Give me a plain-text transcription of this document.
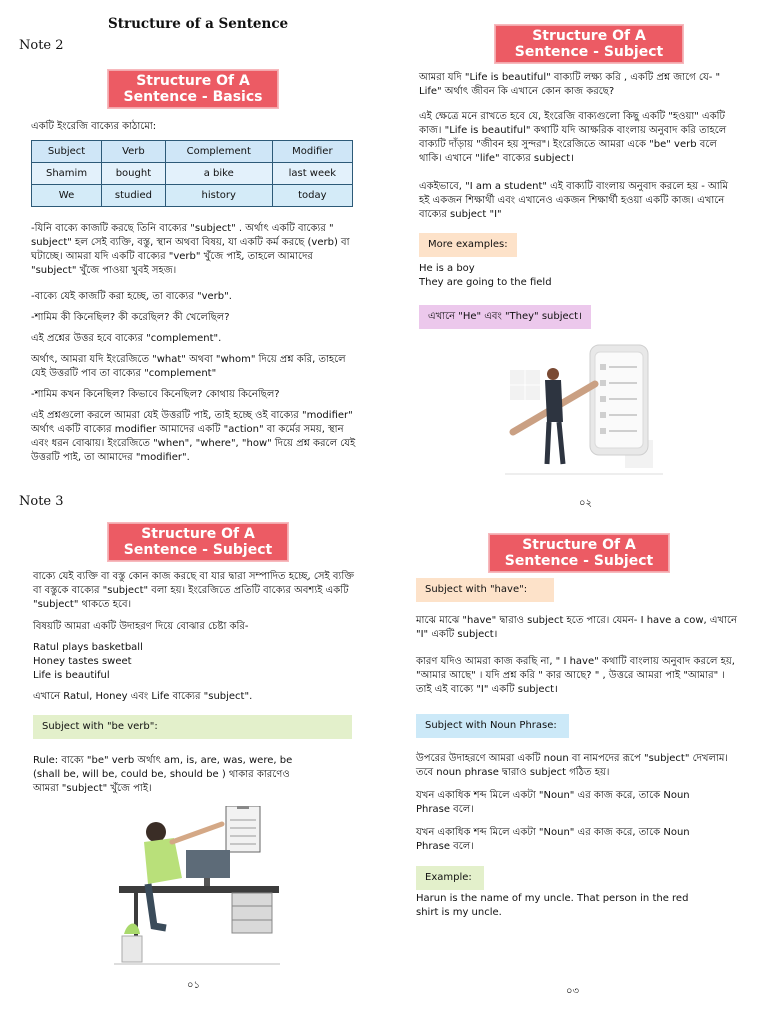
Structure of a Sentence
Note 2
Note 3
Structure Of A
Sentence - Basics
একটি ইংরেজি বাক্যের কাঠামো:
Subject	Verb	Complement	Modifier
Shamim	bought	a bike	last week
We	studied	history	today
-যিনি বাক্যে কাজটি করছে তিনি বাক্যের "subject" . অর্থাৎ একটি বাক্যের " subject" হল সেই ব্যক্তি, বস্তু, স্থান অথবা বিষয়, যা একটি কর্ম করছে (verb) বা ঘটাচ্ছে। আমরা যদি একটি বাক্যের "verb" খুঁজে পাই, তাহলে আমাদের "subject" খুঁজে পাওয়া খুবই সহজ।
-বাক্যে যেই কাজটি করা হচ্ছে, তা বাক্যের "verb".
-শামিম কী কিনেছিল? কী করেছিল? কী খেলেছিল?
এই প্রশ্নের উত্তর হবে বাক্যের "complement".
অর্থাৎ, আমরা যদি ইংরেজিতে "what" অথবা "whom" দিয়ে প্রশ্ন করি, তাহলে যেই উত্তরটি পাব তা বাক্যের "complement"
-শামিম কখন কিনেছিল? কিভাবে কিনেছিল? কোথায় কিনেছিল?
এই প্রশ্নগুলো করলে আমরা যেই উত্তরটি পাই, তাই হচ্ছে ওই বাক্যের "modifier" অর্থাৎ একটি বাক্যের modifier আমাদের একটি "action" বা কর্মের সময়, স্থান এবং ধরন বোঝায়। ইংরেজিতে "when", "where", "how" দিয়ে প্রশ্ন করলে যেই উত্তরটি পাই, তা আমাদের "modifier".
Structure Of A
Sentence - Subject
আমরা যদি "Life is beautiful" বাক্যটি লক্ষ্য করি , একটি প্রশ্ন জাগে যে- " Life" অর্থাৎ জীবন কি এখানে কোন কাজ করছে?
এই ক্ষেত্রে মনে রাখতে হবে যে, ইংরেজি বাক্যগুলো কিছু একটি "হওয়া" একটি কাজ। "Life is beautiful" কথাটি যদি আক্ষরিক বাংলায় অনুবাদ করি তাহলে বাক্যটি দাঁড়ায় "জীবন হয় সুন্দর"। ইংরেজিতে আমরা একে "be" verb বলে থাকি। এখানে "life" বাক্যের subject।
একইভাবে, "I am a student" এই বাক্যটি বাংলায় অনুবাদ করলে হয় - আমি হই একজন শিক্ষার্থী এবং এখানেও একজন শিক্ষার্থী হওয়া একটি কাজ। এখানে বাক্যের subject "I"
More examples:
He is a boy
They are going to the field
এখানে "He" এবং "They" subject।
০২
Structure Of A
Sentence - Subject
বাক্যে যেই ব্যক্তি বা বস্তু কোন কাজ করছে বা যার দ্বারা সম্পাদিত হচ্ছে, সেই ব্যক্তি বা বস্তুকে বাক্যের "subject" বলা হয়। ইংরেজিতে প্রতিটি বাক্যের অবশ্যই একটি "subject" থাকতে হবে।
বিষয়টি আমরা একটি উদাহরণ দিয়ে বোঝার চেষ্টা করি-
Ratul plays basketball
Honey tastes sweet
Life is beautiful
এখানে Ratul, Honey এবং Life বাক্যের "subject".
Subject with "be verb":
Rule: বাক্যে "be" verb অর্থাৎ am, is, are, was, were, be (shall be, will be, could be, should be ) থাকার কারণেও আমরা "subject" খুঁজে পাই।
০১
Structure Of A
Sentence - Subject
Subject with "have":
মাঝে মাঝে "have" দ্বারাও subject হতে পারে। যেমন- I have a cow, এখানে "I" একটি subject।
কারণ যদিও আমরা কাজ করছি না, " I have" কথাটি বাংলায় অনুবাদ করলে হয়, "আমার আছে" । যদি প্রশ্ন করি " কার আছে? " , উত্তরে আমরা পাই "আমার" । তাই এই বাক্যে "I" একটি subject।
Subject with Noun Phrase:
উপরের উদাহরণে আমরা একটি noun বা নামপদের রূপে "subject" দেখলাম। তবে noun phrase দ্বারাও subject গঠিত হয়।
যখন একাধিক শব্দ মিলে একটা "Noun" এর কাজ করে, তাকে Noun Phrase বলে।
যখন একাধিক শব্দ মিলে একটা "Noun" এর কাজ করে, তাকে Noun Phrase বলে।
Example:
Harun is the name of my uncle. That person in the red shirt is my uncle.
০৩
